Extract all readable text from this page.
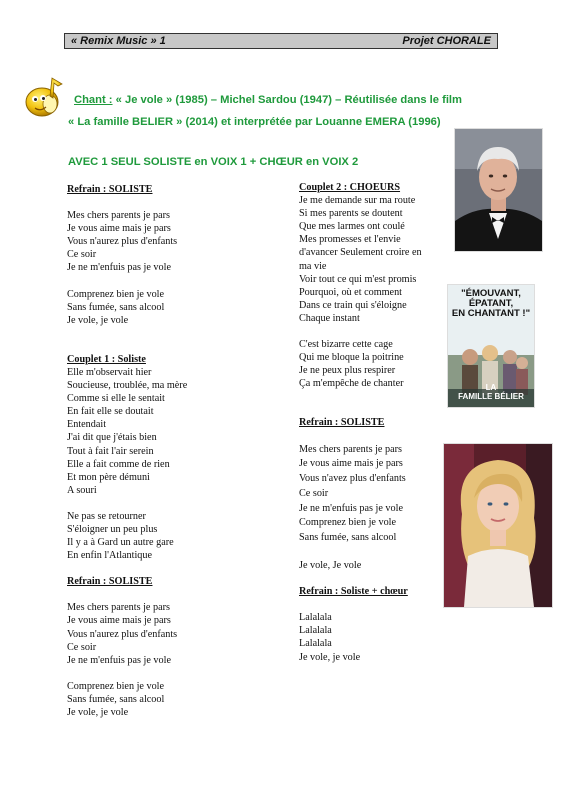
« Remix Music » 1	Projet CHORALE
Chant : « Je vole » (1985) – Michel Sardou (1947) – Réutilisée dans le film
« La famille BELIER » (2014) et interprétée par Louanne EMERA (1996)
AVEC 1 SEUL SOLISTE en VOIX 1 + CHŒUR en VOIX 2
Refrain : SOLISTE
Mes chers parents je pars
Je vous aime mais je pars
Vous n'aurez plus d'enfants
Ce soir
Je ne m'enfuis pas je vole
Comprenez bien je vole
Sans fumée, sans alcool
Je vole, je vole
Couplet 1 : Soliste
Elle m'observait hier
Soucieuse, troublée, ma mère
Comme si elle le sentait
En fait elle se doutait
Entendait
J'ai dit que j'étais bien
Tout à fait l'air serein
Elle a fait comme de rien
Et mon père démuni
A souri
Ne pas se retourner
S'éloigner un peu plus
Il y a à Gard un autre gare
En enfin l'Atlantique
Refrain : SOLISTE
Mes chers parents je pars
Je vous aime mais je pars
Vous n'aurez plus d'enfants
Ce soir
Je ne m'enfuis pas je vole
Comprenez bien je vole
Sans fumée, sans alcool
Je vole, je vole
Couplet 2 : CHOEURS
Je me demande sur ma route
Si mes parents se doutent
Que mes larmes ont coulé
Mes promesses et l'envie
d'avancer Seulement croire en
ma vie
Voir tout ce qui m'est promis
Pourquoi, où et comment
Dans ce train qui s'éloigne
Chaque instant
C'est bizarre cette cage
Qui me bloque la poitrine
Je ne peux plus respirer
Ça m'empêche de chanter
Refrain : SOLISTE
Mes chers parents je pars
Je vous aime mais je pars
Vous n'avez plus d'enfants
Ce soir
Je ne m'enfuis pas je vole
Comprenez bien je vole
Sans fumée, sans alcool
Je vole, Je vole
Refrain : Soliste + chœur
Lalalala
Lalalala
Lalalala
Je vole, je vole
"ÉMOUVANT,
ÉPATANT,
EN CHANTANT !"
LA
FAMILLE BÉLIER
